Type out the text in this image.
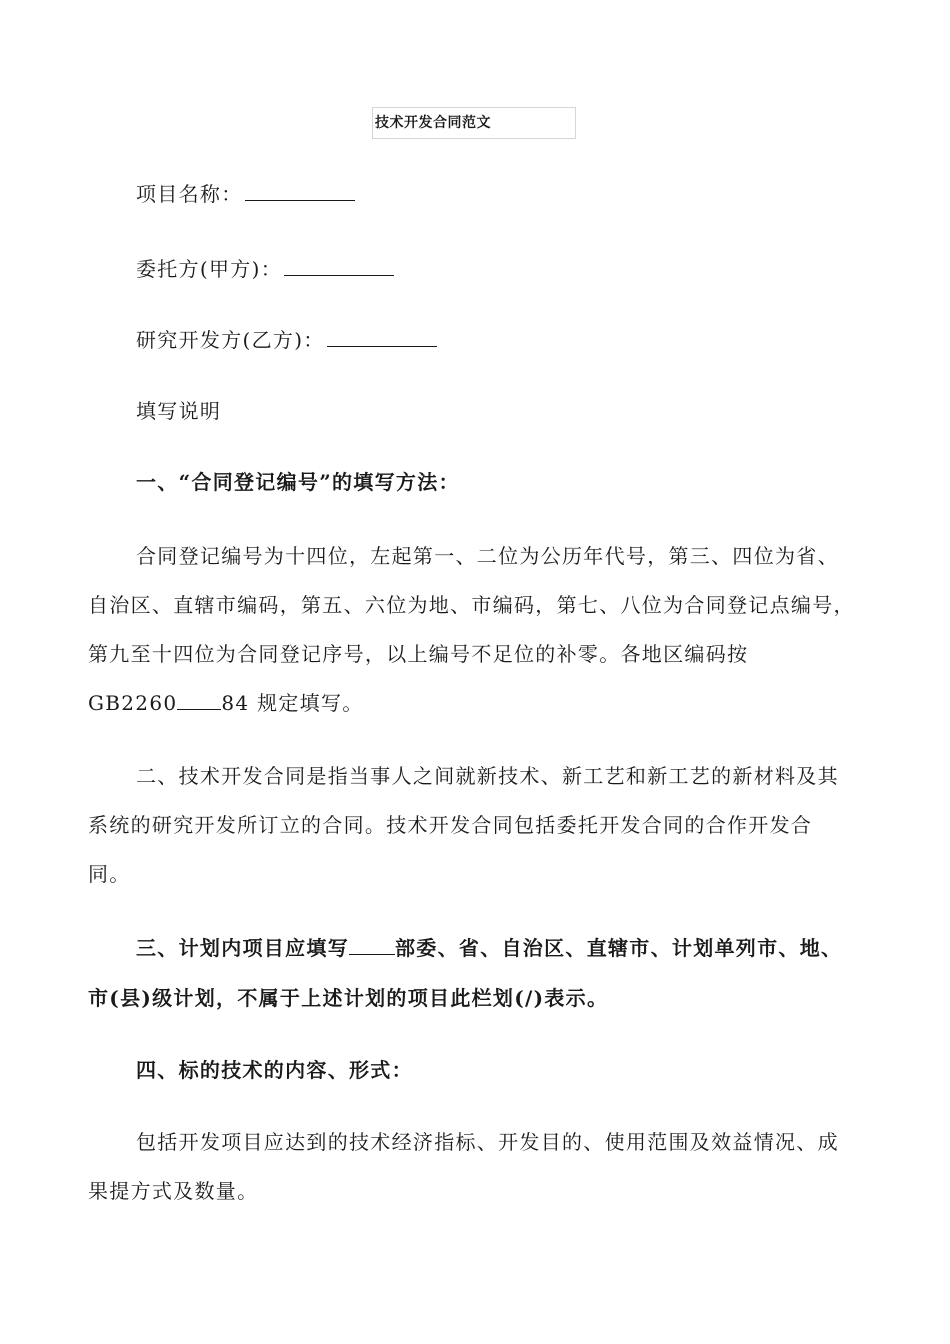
技术开发合同范文
项目名称：
委托方(甲方)：
研究开发方(乙方)：
填写说明
一、“合同登记编号”的填写方法：
合同登记编号为十四位，左起第一、二位为公历年代号，第三、四位为省、
自治区、直辖市编码，第五、六位为地、市编码，第七、八位为合同登记点编号，
第九至十四位为合同登记序号，以上编号不足位的补零。各地区编码按
GB2260 84 规定填写。
二、技术开发合同是指当事人之间就新技术、新工艺和新工艺的新材料及其
系统的研究开发所订立的合同。技术开发合同包括委托开发合同的合作开发合
同。
三、计划内项目应填写 部委、省、自治区、直辖市、计划单列市、地、
市(县)级计划，不属于上述计划的项目此栏划(/)表示。
四、标的技术的内容、形式：
包括开发项目应达到的技术经济指标、开发目的、使用范围及效益情况、成
果提方式及数量。
